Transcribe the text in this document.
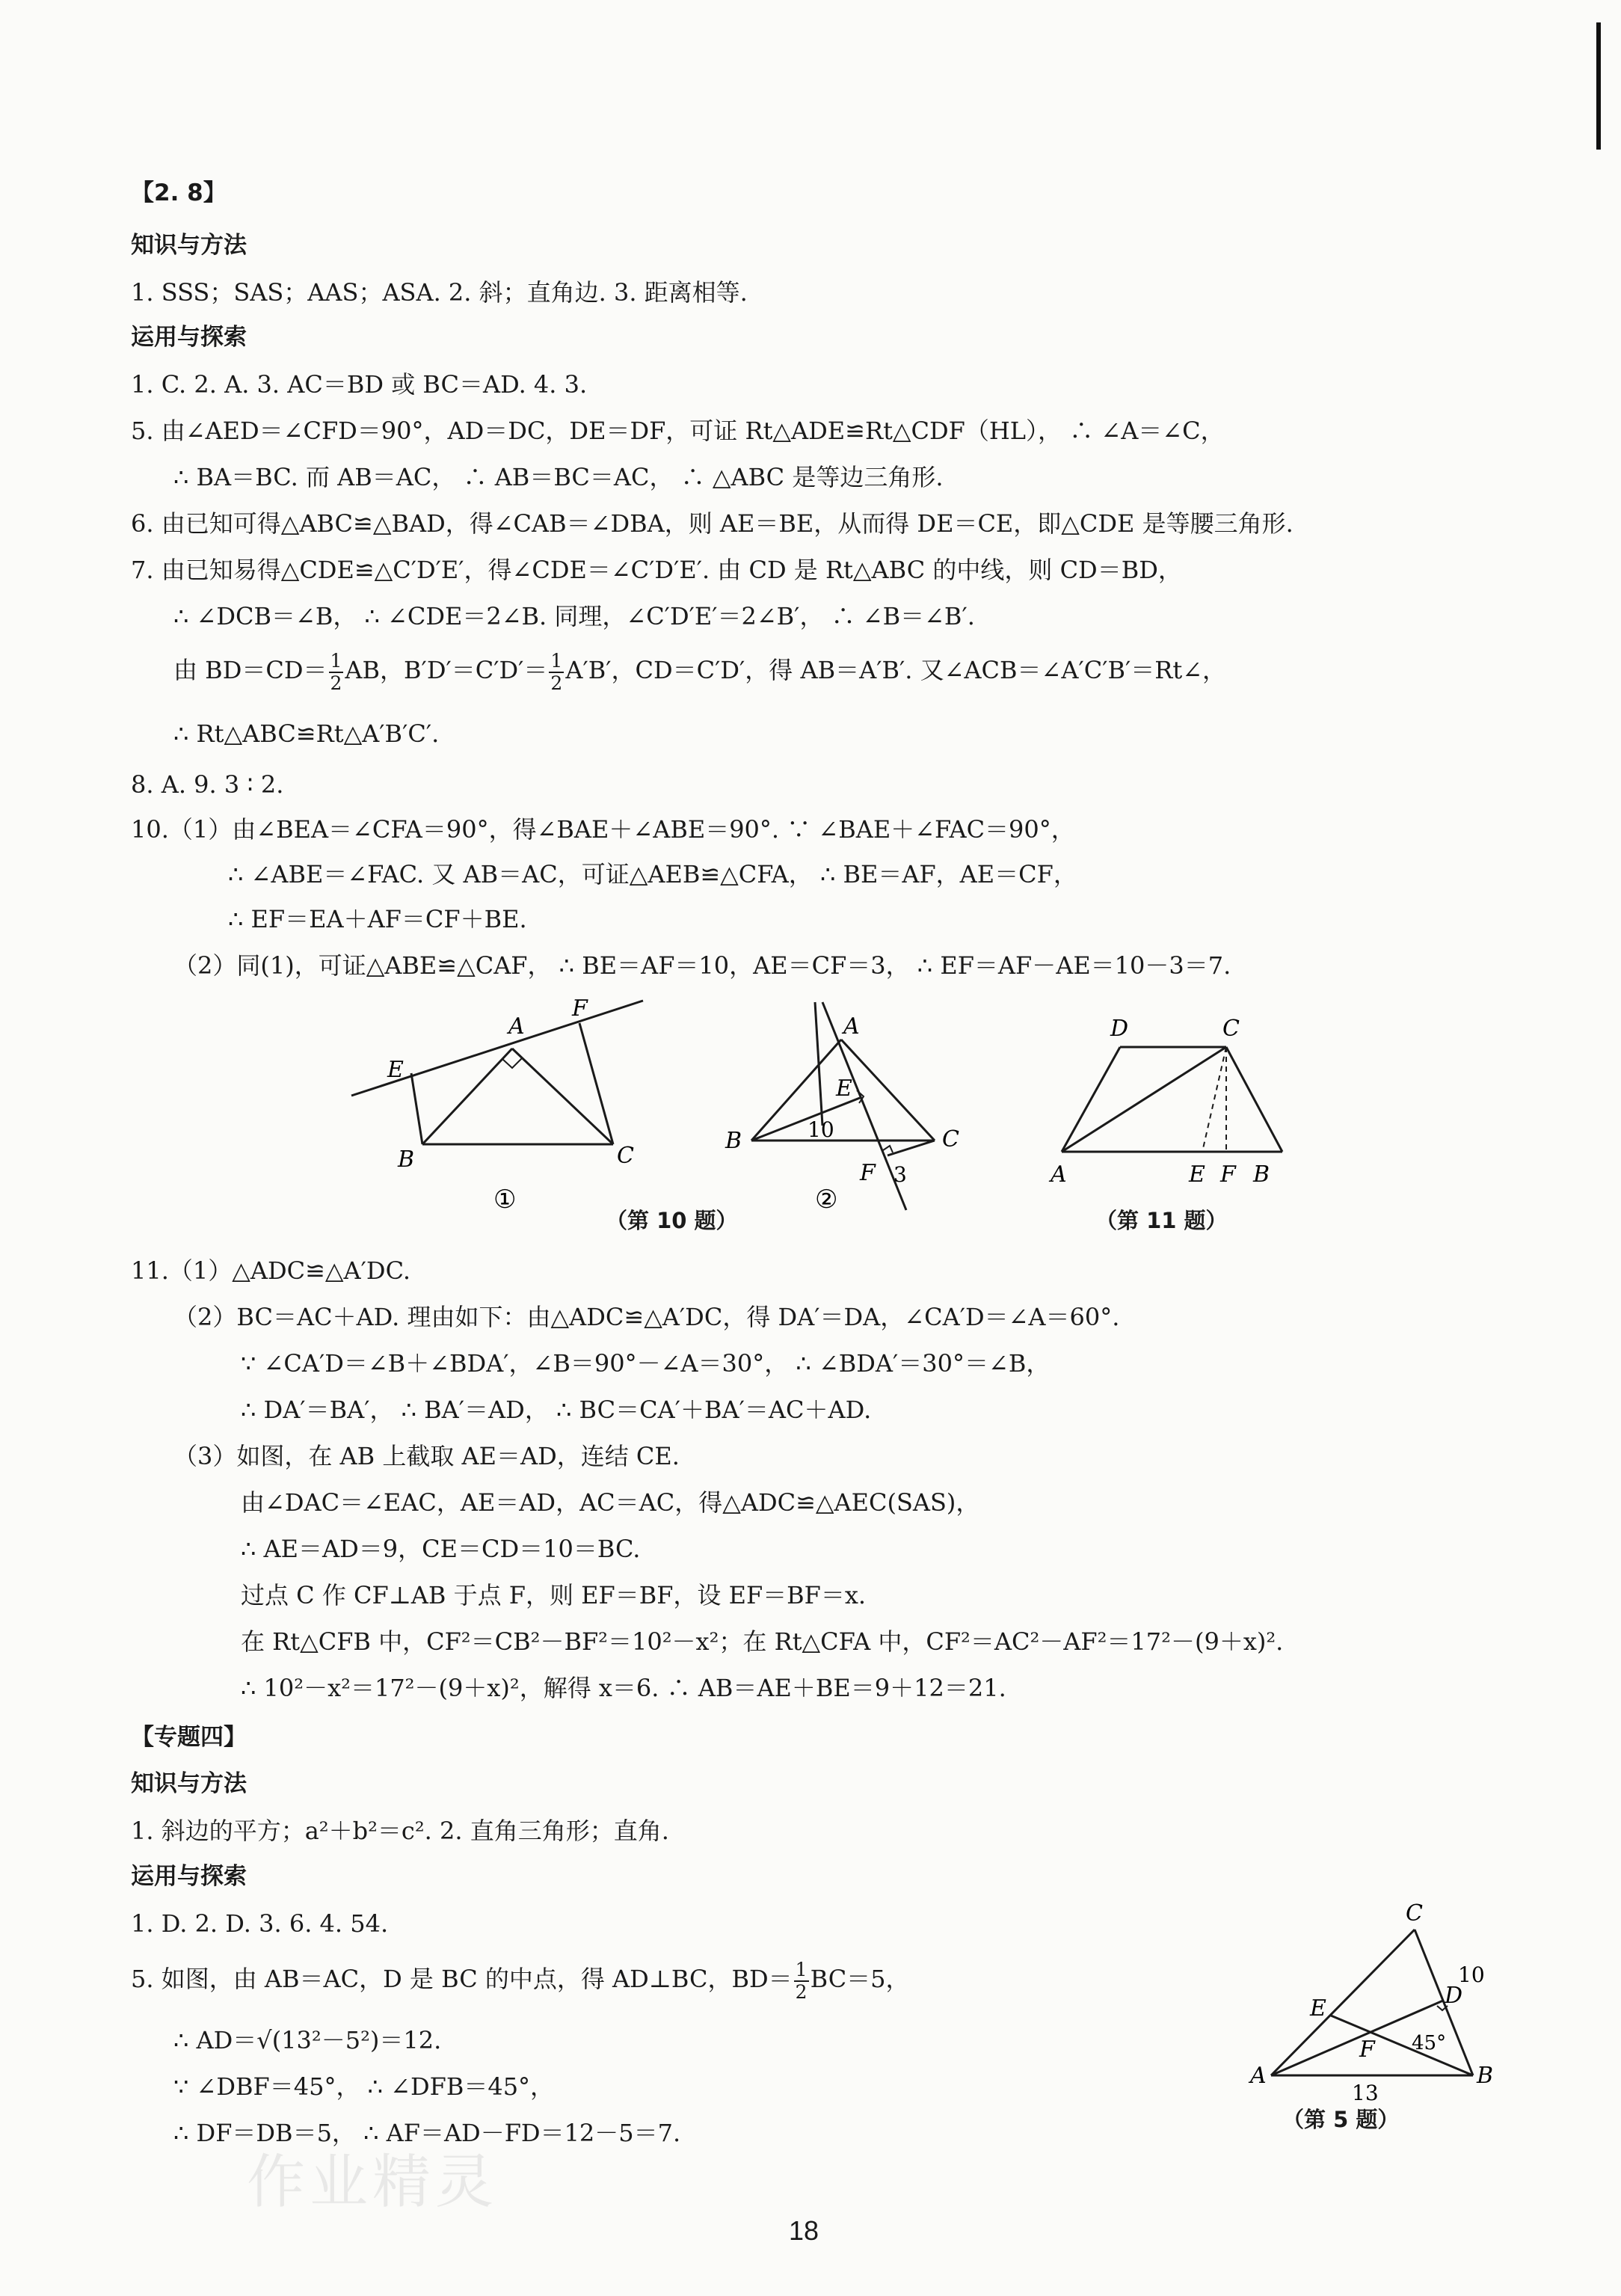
【2. 8】
知识与方法
1. SSS；SAS；AAS；ASA. 2. 斜；直角边. 3. 距离相等.
运用与探索
1. C. 2. A. 3. AC＝BD 或 BC＝AD. 4. 3.
5. 由∠AED＝∠CFD＝90°，AD＝DC，DE＝DF，可证 Rt△ADE≌Rt△CDF（HL）， ∴ ∠A＝∠C，
∴ BA＝BC. 而 AB＝AC， ∴ AB＝BC＝AC， ∴ △ABC 是等边三角形.
6. 由已知可得△ABC≌△BAD，得∠CAB＝∠DBA，则 AE＝BE，从而得 DE＝CE，即△CDE 是等腰三角形.
7. 由已知易得△CDE≌△C′D′E′，得∠CDE＝∠C′D′E′. 由 CD 是 Rt△ABC 的中线，则 CD＝BD，
∴ ∠DCB＝∠B， ∴ ∠CDE＝2∠B. 同理，∠C′D′E′＝2∠B′， ∴ ∠B＝∠B′.
由 $BD=CD= \frac{1}{2}$ AB，$B'D'=C'D'= \frac{1}{2} A'B'$，CD＝C′D′，得 AB＝A′B′. 又∠ACB＝∠A′C′B′＝Rt∠，
∴ Rt△ABC≌Rt△A′B′C′.
8. A. 9. 3 ∶ 2.
10.（1）由∠BEA＝∠CFA＝90°，得∠BAE＋∠ABE＝90°. ∵ ∠BAE＋∠FAC＝90°，
∴ ∠ABE＝∠FAC. 又 AB＝AC，可证△AEB≌△CFA， ∴ BE＝AF，AE＝CF，
∴ EF＝EA＋AF＝CF＋BE.
（2）同(1)，可证△ABE≌△CAF， ∴ BE＝AF＝10，AE＝CF＝3， ∴ EF＝AF－AE＝10－3＝7.
A
F
E
B	C
①
A
E
B	C
10
F 3
②
（第 10 题）
D	C
A	E F B
（第 11 题）
11.（1）△ADC≌△A′DC.
（2）BC＝AC＋AD. 理由如下：由△ADC≌△A′DC，得 DA′＝DA，∠CA′D＝∠A＝60°.
∵ ∠CA′D＝∠B＋∠BDA′，∠B＝90°－∠A＝30°， ∴ ∠BDA′＝30°＝∠B，
∴ DA′＝BA′， ∴ BA′＝AD， ∴ BC＝CA′＋BA′＝AC＋AD.
（3）如图，在 AB 上截取 AE＝AD，连结 CE.
由∠DAC＝∠EAC，AE＝AD，AC＝AC，得△ADC≌△AEC(SAS)，
∴ AE＝AD＝9，CE＝CD＝10＝BC.
过点 C 作 CF⊥AB 于点 F，则 EF＝BF，设 EF＝BF＝x.
在 Rt△CFB 中，CF²＝CB²－BF²＝10²－x²；在 Rt△CFA 中，CF²＝AC²－AF²＝17²－(9＋x)².
∴ 10²－x²＝17²－(9＋x)²，解得 x＝6. ∴ AB＝AE＋BE＝9＋12＝21.
【专题四】
知识与方法
1. 斜边的平方；a²＋b²＝c². 2. 直角三角形；直角.
运用与探索
1. D. 2. D. 3. 6. 4. 54.
5. 如图，由 AB＝AC，D 是 BC 的中点，得 AD⊥BC，$BD= \frac{1}{2} BC=5$，
∴ AD＝√(13²－5²)＝12.
∵ ∠DBF＝45°， ∴ ∠DFB＝45°，
∴ DF＝DB＝5， ∴ AF＝AD－FD＝12－5＝7.
C
10
D
E
F 45°
A	B
13
（第 5 题）
作业精灵
18
